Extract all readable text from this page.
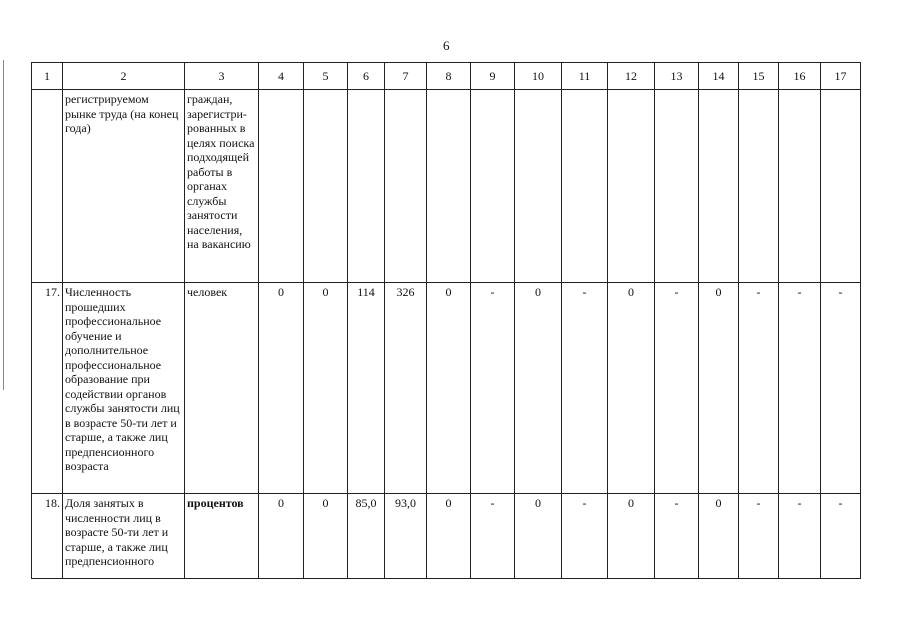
6
1	2	3	4	5	6	7	8	9	10	11	12	13	14	15	16	17
	регистрируемом рынке труда (на конец года)	граждан, зарегистри-рованных в целях поиска подходящей работы в органах службы занятости населения, на вакансию														
17.	Численность прошедших профессиональное обучение и дополнительное профессиональное образование при содействии органов службы занятости лиц в возрасте 50-ти лет и старше, а также лиц предпенсионного возраста	человек	0	0	114	326	0	-	0	-	0	-	0	-	-	-
18.	Доля занятых в численности лиц в возрасте 50-ти лет и старше, а также лиц предпенсионного	процентов	0	0	85,0	93,0	0	-	0	-	0	-	0	-	-	-
